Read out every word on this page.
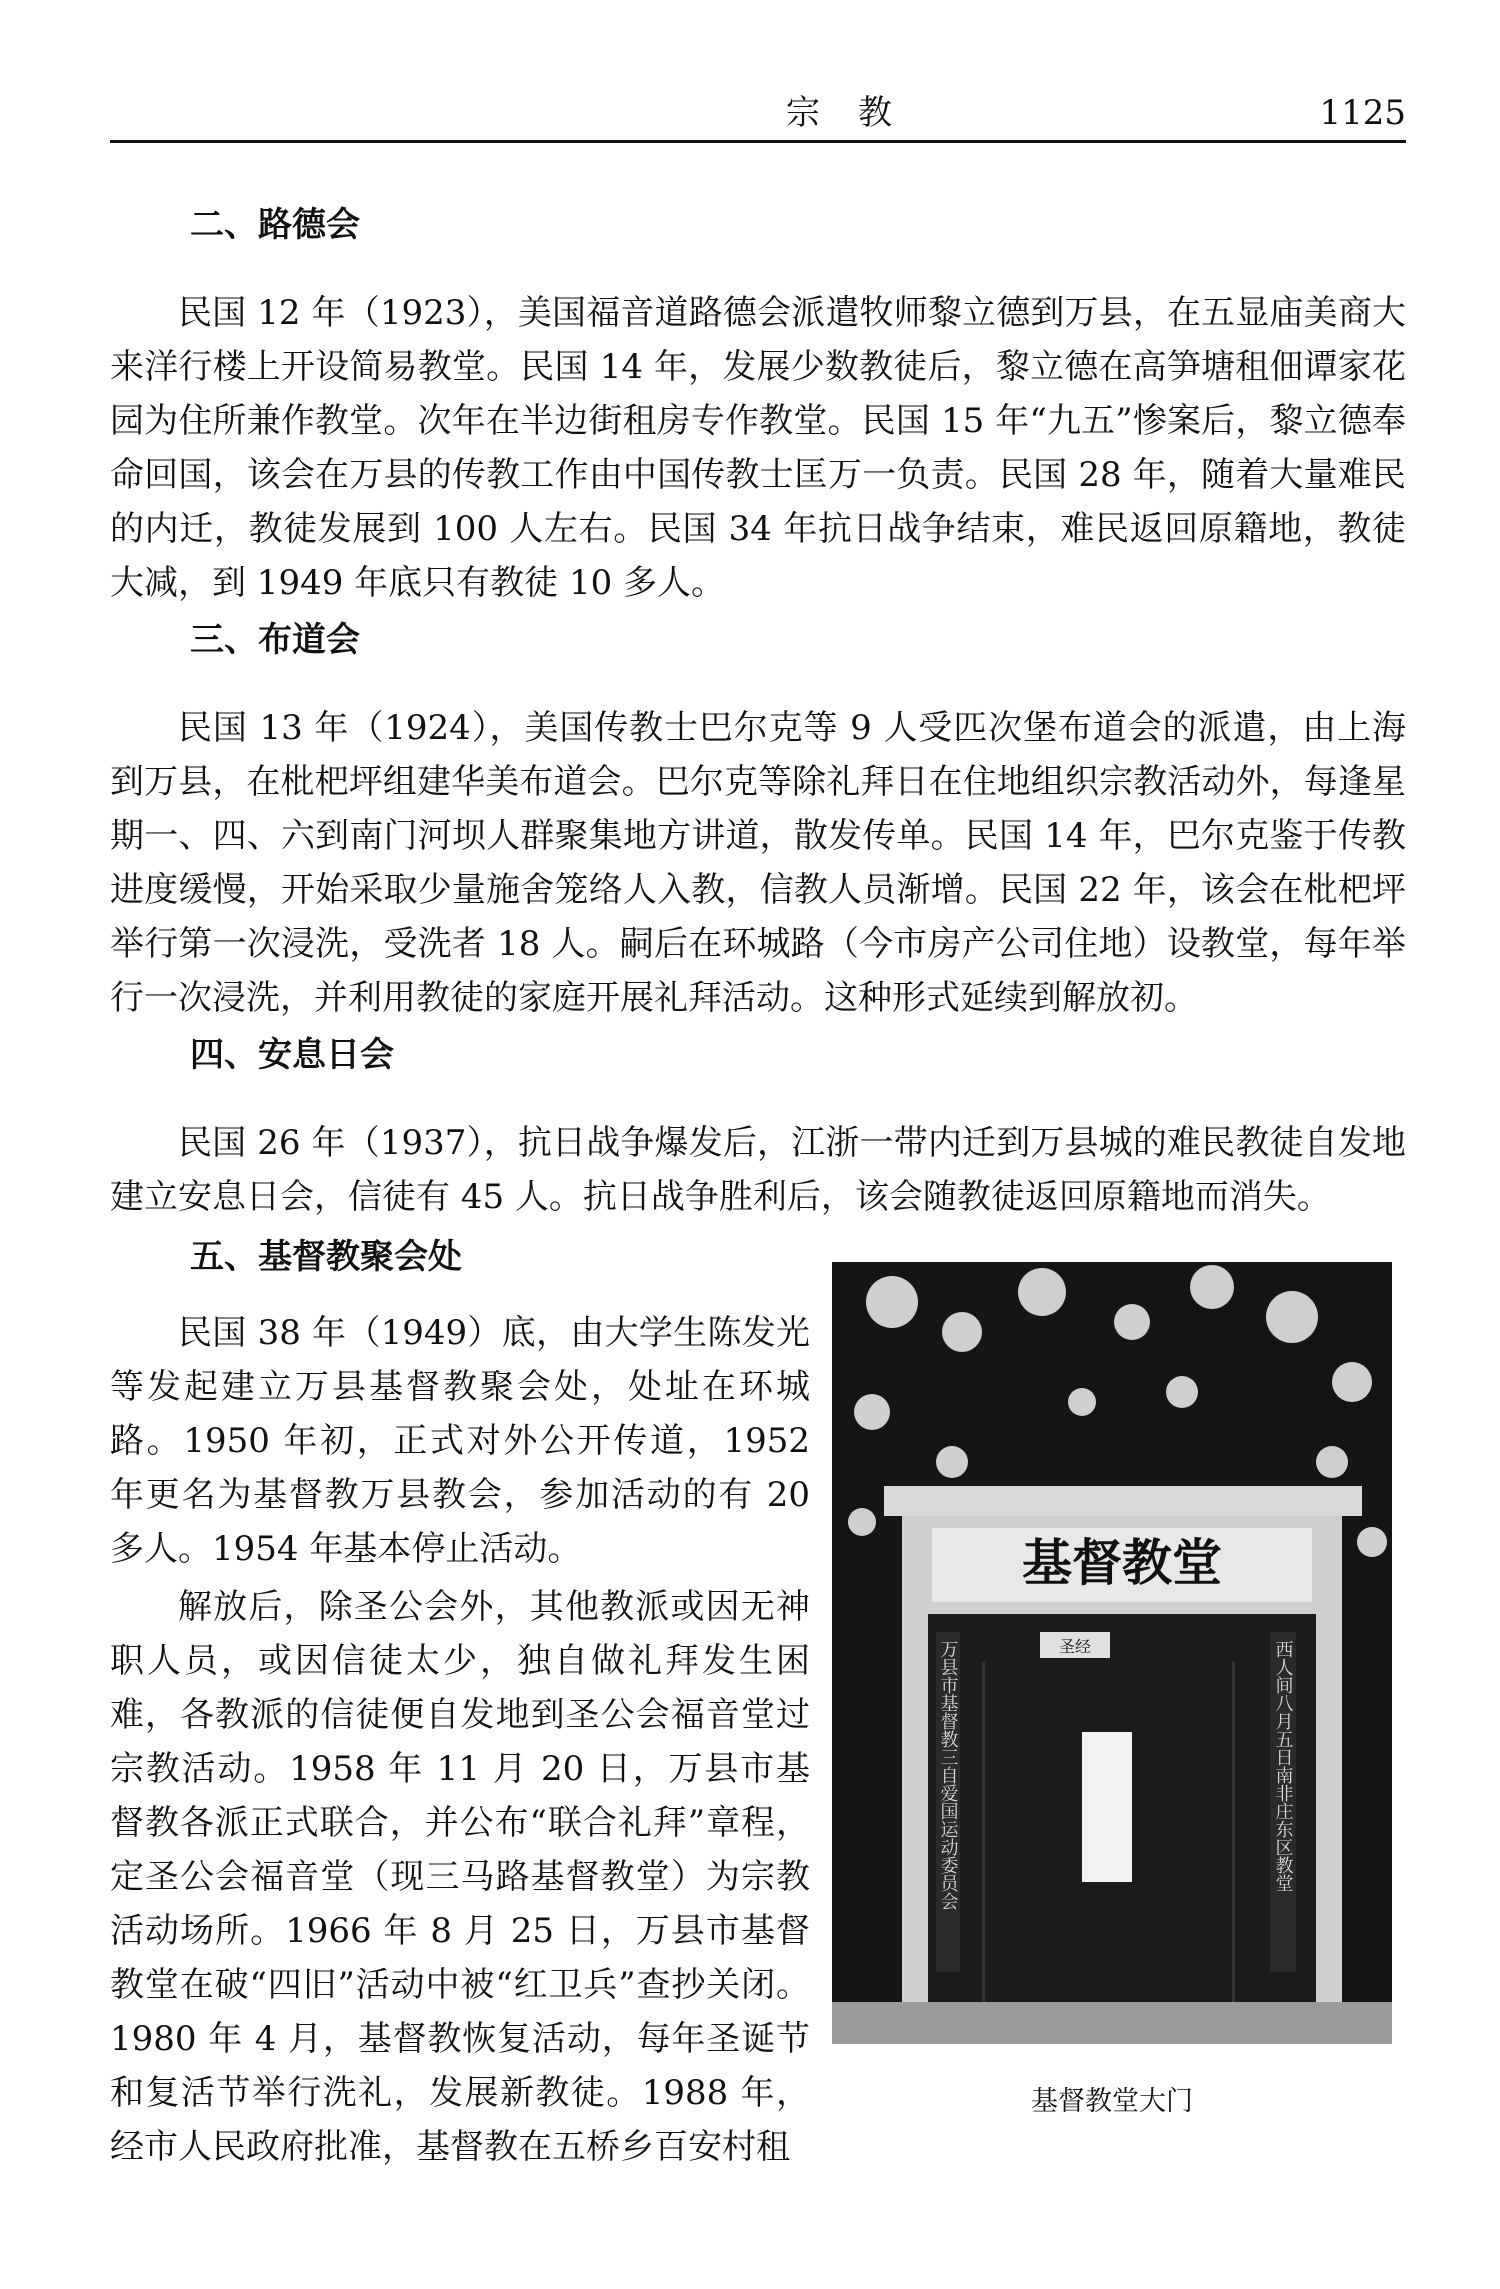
宗教	1125
二、路德会

民国 12 年（1923），美国福音道路德会派遣牧师黎立德到万县，在五显庙美商大来洋行楼上开设简易教堂。民国 14 年，发展少数教徒后，黎立德在高笋塘租佃谭家花园为住所兼作教堂。次年在半边街租房专作教堂。民国 15 年“九五”惨案后，黎立德奉命回国，该会在万县的传教工作由中国传教士匡万一负责。民国 28 年，随着大量难民的内迁，教徒发展到 100 人左右。民国 34 年抗日战争结束，难民返回原籍地，教徒大减，到 1949 年底只有教徒 10 多人。

三、布道会

民国 13 年（1924），美国传教士巴尔克等 9 人受匹次堡布道会的派遣，由上海到万县，在枇杷坪组建华美布道会。巴尔克等除礼拜日在住地组织宗教活动外，每逢星期一、四、六到南门河坝人群聚集地方讲道，散发传单。民国 14 年，巴尔克鉴于传教进度缓慢，开始采取少量施舍笼络人入教，信教人员渐增。民国 22 年，该会在枇杷坪举行第一次浸洗，受洗者 18 人。嗣后在环城路（今市房产公司住地）设教堂，每年举行一次浸洗，并利用教徒的家庭开展礼拜活动。这种形式延续到解放初。

四、安息日会

民国 26 年（1937），抗日战争爆发后，江浙一带内迁到万县城的难民教徒自发地建立安息日会，信徒有 45 人。抗日战争胜利后，该会随教徒返回原籍地而消失。

五、基督教聚会处

民国 38 年（1949）底，由大学生陈发光等发起建立万县基督教聚会处，处址在环城路。1950 年初，正式对外公开传道，1952 年更名为基督教万县教会，参加活动的有 20 多人。1954 年基本停止活动。

解放后，除圣公会外，其他教派或因无神职人员，或因信徒太少，独自做礼拜发生困难，各教派的信徒便自发地到圣公会福音堂过宗教活动。1958 年 11 月 20 日，万县市基督教各派正式联合，并公布“联合礼拜”章程，定圣公会福音堂（现三马路基督教堂）为宗教活动场所。1966 年 8 月 25 日，万县市基督教堂在破“四旧”活动中被“红卫兵”查抄关闭。1980 年 4 月，基督教恢复活动，每年圣诞节和复活节举行洗礼，发展新教徒。1988 年，经市人民政府批准，基督教在五桥乡百安村租

基督教堂
万县市基督教三自爱国运动委员会	西人间八月五日南非庄东区教堂
圣经
基督教堂大门
